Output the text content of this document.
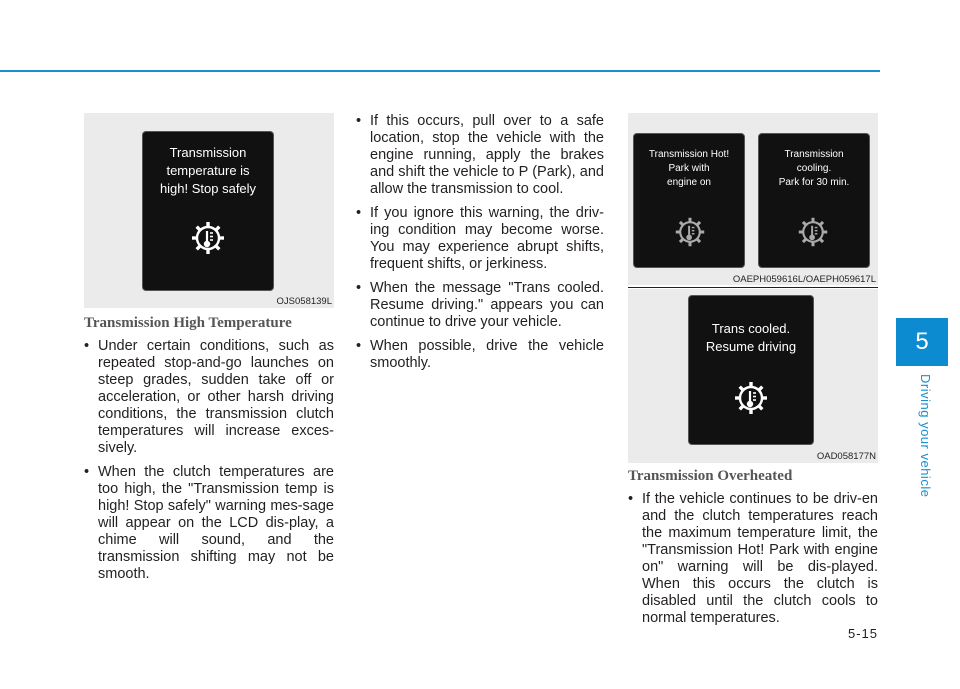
5
Driving your vehicle
Transmission
temperature is
high! Stop safely
OJS058139L
Transmission Hot!
Park with
engine on
Transmission
cooling.
Park for 30 min.
OAEPH059616L/OAEPH059617L
Trans cooled.
Resume driving
OAD058177N
Transmission High Temperature
• Under certain conditions, such as repeated stop-and-go launches on steep grades, sudden take off or acceleration, or other harsh driving conditions, the transmission clutch temperatures will increase exces-sively.
• When the clutch temperatures are too high, the "Transmission temp is high! Stop safely" warning mes-sage will appear on the LCD dis-play, a chime will sound, and the transmission shifting may not be smooth.
• If this occurs, pull over to a safe location, stop the vehicle with the engine running, apply the brakes and shift the vehicle to P (Park), and allow the transmission to cool.
• If you ignore this warning, the driv-ing condition may become worse. You may experience abrupt shifts, frequent shifts, or jerkiness.
• When the message "Trans cooled. Resume driving." appears you can continue to drive your vehicle.
• When possible, drive the vehicle smoothly.
Transmission Overheated
• If the vehicle continues to be driv-en and the clutch temperatures reach the maximum temperature limit, the "Transmission Hot! Park with engine on" warning will be dis-played. When this occurs the clutch is disabled until the clutch cools to normal temperatures.
5-15
